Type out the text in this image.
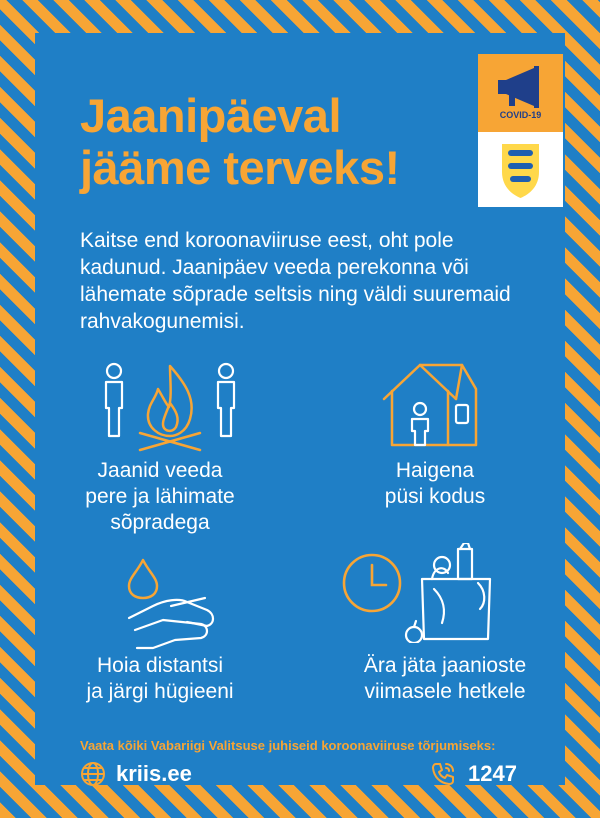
Jaanipäeval
jääme terveks!
COVID-19

Kaitse end koroonaviiruse eest, oht pole kadunud. Jaanipäev veeda perekonna või lähemate sõprade seltsis ning väldi suuremaid rahvakogunemisi.

Jaanid veeda
pere ja lähimate
sõpradega
Haigena
püsi kodus
Hoia distantsi
ja järgi hügieeni
Ära jäta jaanioste
viimasele hetkele
Vaata kõiki Vabariigi Valitsuse juhiseid koroonaviiruse tõrjumiseks:
kriis.ee	1247
